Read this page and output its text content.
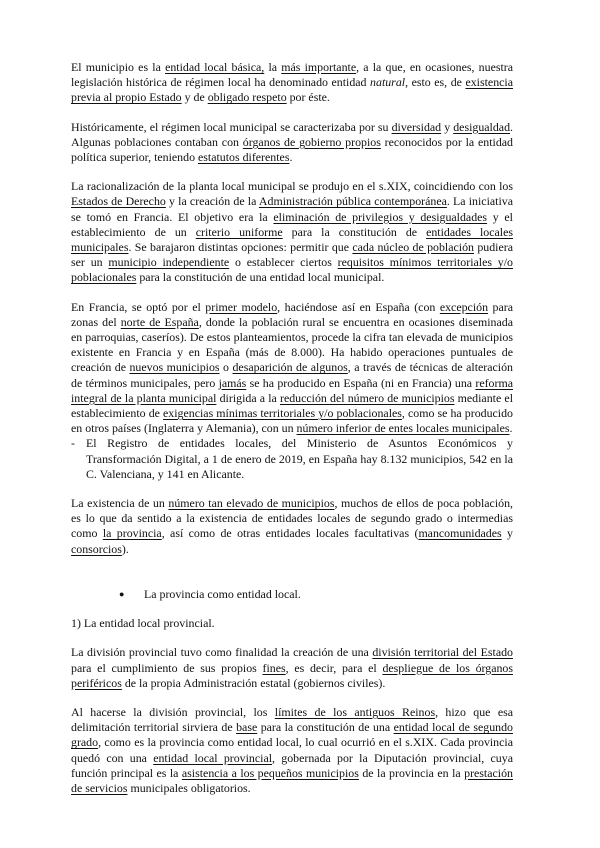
El municipio es la entidad local básica, la más importante, a la que, en ocasiones, nuestra legislación histórica de régimen local ha denominado entidad natural, esto es, de existencia previa al propio Estado y de obligado respeto por éste.

Históricamente, el régimen local municipal se caracterizaba por su diversidad y desigualdad. Algunas poblaciones contaban con órganos de gobierno propios reconocidos por la entidad política superior, teniendo estatutos diferentes.

La racionalización de la planta local municipal se produjo en el s.XIX, coincidiendo con los Estados de Derecho y la creación de la Administración pública contemporánea. La iniciativa se tomó en Francia. El objetivo era la eliminación de privilegios y desigualdades y el establecimiento de un criterio uniforme para la constitución de entidades locales municipales. Se barajaron distintas opciones: permitir que cada núcleo de población pudiera ser un municipio independiente o establecer ciertos requisitos mínimos territoriales y/o poblacionales para la constitución de una entidad local municipal.

En Francia, se optó por el primer modelo, haciéndose así en España (con excepción para zonas del norte de España, donde la población rural se encuentra en ocasiones diseminada en parroquias, caseríos). De estos planteamientos, procede la cifra tan elevada de municipios existente en Francia y en España (más de 8.000). Ha habido operaciones puntuales de creación de nuevos municipios o desaparición de algunos, a través de técnicas de alteración de términos municipales, pero jamás se ha producido en España (ni en Francia) una reforma integral de la planta municipal dirigida a la reducción del número de municipios mediante el establecimiento de exigencias mínimas territoriales y/o poblacionales, como se ha producido en otros países (Inglaterra y Alemania), con un número inferior de entes locales municipales.

- El Registro de entidades locales, del Ministerio de Asuntos Económicos y Transformación Digital, a 1 de enero de 2019, en España hay 8.132 municipios, 542 en la C. Valenciana, y 141 en Alicante.

La existencia de un número tan elevado de municipios, muchos de ellos de poca población, es lo que da sentido a la existencia de entidades locales de segundo grado o intermedias como la provincia, así como de otras entidades locales facultativas (mancomunidades y consorcios).

●	La provincia como entidad local.

1) La entidad local provincial.

La división provincial tuvo como finalidad la creación de una división territorial del Estado para el cumplimiento de sus propios fines, es decir, para el despliegue de los órganos periféricos de la propia Administración estatal (gobiernos civiles).

Al hacerse la división provincial, los límites de los antiguos Reinos, hizo que esa delimitación territorial sirviera de base para la constitución de una entidad local de segundo grado, como es la provincia como entidad local, lo cual ocurrió en el s.XIX. Cada provincia quedó con una entidad local provincial, gobernada por la Diputación provincial, cuya función principal es la asistencia a los pequeños municipios de la provincia en la prestación de servicios municipales obligatorios.
